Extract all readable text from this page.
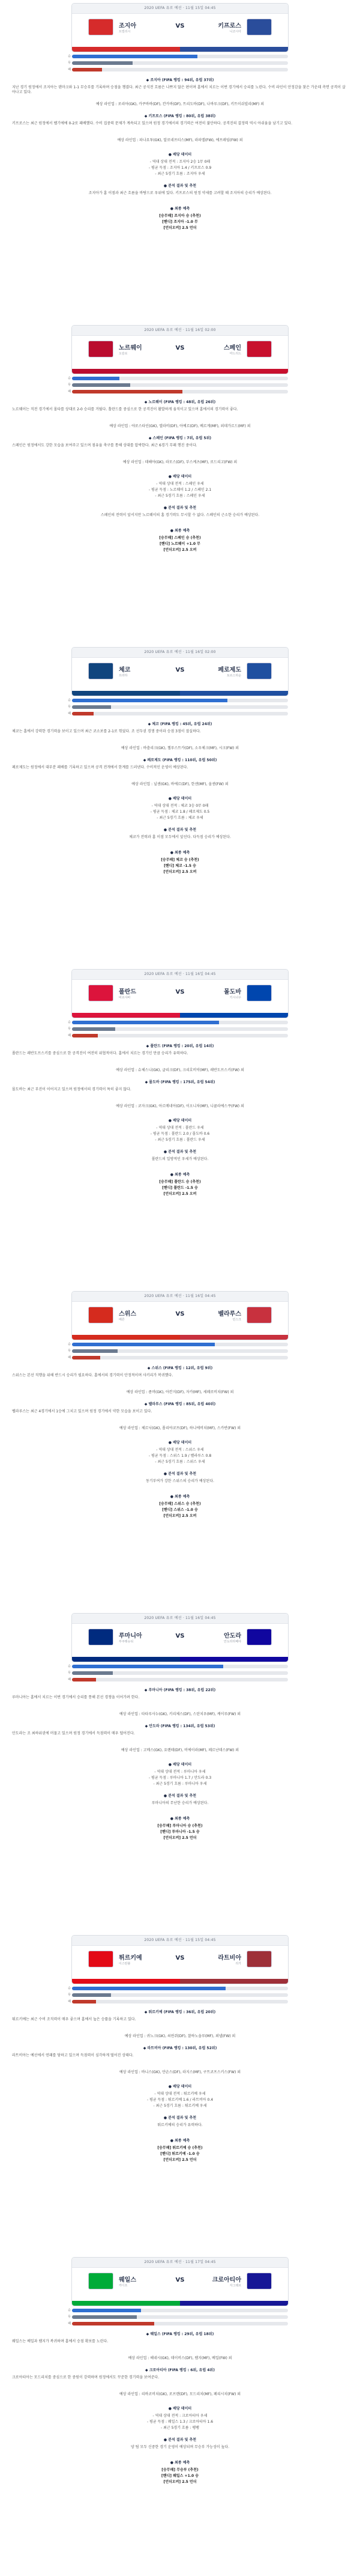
2020 UEFA 유로 예선 · 11월 15일 04:45
조지아
트빌리시
키프로스
니코시아
VS
승
무
패
◆ 조지아 (FIFA 랭킹 : 94위, 유럽 37위)
지난 경기 원정에서 조지아는 덴마크와 1-1 무승부를 기록하며 승점을 챙겼다. 최근 공식전 흐름은 나쁘지 않은 편이며 홈에서 치르는 이번 경기에서 승리를 노린다. 수비 라인이 안정감을 찾은 가운데 측면 공격이 살아나고 있다.
예상 라인업 : 로리아(GK), 카쿠바바(DF), 칸카바(DF), 트리도바(DF), 나바루크(DF), 키트이쉬빌리(MF) 외
◆ 키프로스 (FIFA 랭킹 : 80위, 유럽 38위)
키프로스는 최근 원정에서 벨기에에 0-2로 패배했다. 수비 집중력 문제가 계속되고 있으며 원정 경기에서의 경기력은 여전히 불안하다. 공격진의 결정력 역시 아쉬움을 남기고 있다.
예상 라인업 : 파나요투(GK), 알로네프티스(MF), 라파엘(FW), 에프레임(FW) 외
● 배당 데이터
- 역대 상대 전적 : 조지아 2승 1무 0패
- 평균 득점 : 조지아 1.4 / 키프로스 0.9
- 최근 5경기 흐름 : 조지아 우세
● 분석 결과 및 추천
조지아가 홈 이점과 최근 흐름을 바탕으로 우위에 있다. 키프로스의 원정 약세를 고려할 때 조지아의 승리가 예상된다.
● 최종 예측
[승무패] 조지아 승 (추천)
[핸디] 조지아 -1.0 무
[언더오버] 2.5 언더
2020 UEFA 유로 예선 · 11월 16일 02:00
노르웨이
오슬로
스페인
마드리드
VS
승
무
패
◆ 노르웨이 (FIFA 랭킹 : 48위, 유럽 26위)
노르웨이는 직전 경기에서 몰타를 상대로 2-0 승리를 거뒀다. 홀란드를 중심으로 한 공격진이 활발하게 움직이고 있으며 홈에서의 경기력이 좋다.
예상 라인업 : 야로스타인(GK), 엘라비(DF), 아예르(DF), 베르게(MF), 외데가르드(MF) 외
◆ 스페인 (FIFA 랭킹 : 7위, 유럽 5위)
스페인은 원정에서도 강한 모습을 보여주고 있으며 점유율 축구를 통해 상대를 압박한다. 최근 6경기 무패 행진 중이다.
예상 라인업 : 데헤아(GK), 라모스(DF), 부스케츠(MF), 로드리고(FW) 외
● 배당 데이터
- 역대 상대 전적 : 스페인 우세
- 평균 득점 : 노르웨이 1.2 / 스페인 2.1
- 최근 5경기 흐름 : 스페인 우세
● 분석 결과 및 추천
스페인의 전력이 앞서지만 노르웨이의 홈 경기력도 무시할 수 없다. 스페인의 근소한 승리가 예상된다.
● 최종 예측
[승무패] 스페인 승 (추천)
[핸디] 노르웨이 +1.0 무
[언더오버] 2.5 오버
2020 UEFA 유로 예선 · 11월 16일 02:00
체코
프라하
페로제도
토르스하운
VS
승
무
패
◆ 체코 (FIFA 랭킹 : 45위, 유럽 24위)
체코는 홈에서 강력한 경기력을 보이고 있으며 최근 코소보를 2-1로 꺾었다. 조 선두권 경쟁 중이라 승점 3점이 절실하다.
예상 라인업 : 바츨리크(GK), 첼루스트카(DF), 소우체크(MF), 시크(FW) 외
◆ 페로제도 (FIFA 랭킹 : 110위, 유럽 50위)
페로제도는 원정에서 대부분 패배를 기록하고 있으며 공격 전개에서 한계를 드러낸다. 수비적인 운영이 예상된다.
예상 라인업 : 닐센(GK), 바에르(DF), 한센(MF), 올센(FW) 외
● 배당 데이터
- 역대 상대 전적 : 체코 3승 0무 0패
- 평균 득점 : 체코 1.8 / 페로제도 0.5
- 최근 5경기 흐름 : 체코 우세
● 분석 결과 및 추천
체코가 전력과 홈 이점 모두에서 앞선다. 다득점 승리가 예상된다.
● 최종 예측
[승무패] 체코 승 (추천)
[핸디] 체코 -1.5 승
[언더오버] 2.5 오버
2020 UEFA 유로 예선 · 11월 16일 04:45
폴란드
바르샤바
몰도바
키시너우
VS
승
무
패
◆ 폴란드 (FIFA 랭킹 : 20위, 유럽 14위)
폴란드는 레반도프스키를 중심으로 한 공격진이 여전히 위협적이다. 홈에서 치르는 경기인 만큼 승리가 유력하다.
예상 라인업 : 슈체스니(GK), 글리크(DF), 크리호비악(MF), 레반도프스키(FW) 외
◆ 몰도바 (FIFA 랭킹 : 175위, 유럽 54위)
몰도바는 최근 부진이 이어지고 있으며 원정에서의 경기력이 특히 좋지 않다.
예상 라인업 : 코자크(GK), 아르메네아(DF), 이오니차(MF), 니쿨라에스쿠(FW) 외
● 배당 데이터
- 역대 상대 전적 : 폴란드 우세
- 평균 득점 : 폴란드 2.0 / 몰도바 0.6
- 최근 5경기 흐름 : 폴란드 우세
● 분석 결과 및 추천
폴란드의 일방적인 우세가 예상된다.
● 최종 예측
[승무패] 폴란드 승 (추천)
[핸디] 폴란드 -1.5 승
[언더오버] 2.5 오버
2020 UEFA 유로 예선 · 11월 16일 04:45
스위스
베른
벨라루스
민스크
VS
승
무
패
◆ 스위스 (FIFA 랭킹 : 12위, 유럽 9위)
스위스는 본선 직행을 위해 반드시 승리가 필요하다. 홈에서의 경기력이 안정적이며 샤키리가 복귀했다.
예상 라인업 : 좀머(GK), 아칸지(DF), 자카(MF), 세페로비치(FW) 외
◆ 벨라루스 (FIFA 랭킹 : 85위, 유럽 40위)
벨라루스는 최근 4경기에서 1승에 그치고 있으며 원정 경기에서 약한 모습을 보이고 있다.
예상 라인업 : 체르닉(GK), 폴리야코프(DF), 하니에비치(MF), 스카반(FW) 외
● 배당 데이터
- 역대 상대 전적 : 스위스 우세
- 평균 득점 : 스위스 1.9 / 벨라루스 0.8
- 최근 5경기 흐름 : 스위스 우세
● 분석 결과 및 추천
동기부여가 강한 스위스의 승리가 예상된다.
● 최종 예측
[승무패] 스위스 승 (추천)
[핸디] 스위스 -1.0 승
[언더오버] 2.5 오버
2020 UEFA 유로 예선 · 11월 16일 04:45
루마니아
부쿠레슈티
안도라
안도라라베야
VS
승
무
패
◆ 루마니아 (FIFA 랭킹 : 38위, 유럽 22위)
루마니아는 홈에서 치르는 이번 경기에서 승리를 통해 본선 경쟁을 이어가려 한다.
예상 라인업 : 타타루사누(GK), 키리체스(DF), 스탄치우(MF), 케이루(FW) 외
◆ 안도라 (FIFA 랭킹 : 134위, 유럽 53위)
안도라는 조 최하위권에 머물고 있으며 원정 경기에서 득점력이 매우 떨어진다.
예상 라인업 : 고메스(GK), 요렌테(DF), 비에이라(MF), 페르난데스(FW) 외
● 배당 데이터
- 역대 상대 전적 : 루마니아 우세
- 평균 득점 : 루마니아 1.7 / 안도라 0.3
- 최근 5경기 흐름 : 루마니아 우세
● 분석 결과 및 추천
루마니아의 무난한 승리가 예상된다.
● 최종 예측
[승무패] 루마니아 승 (추천)
[핸디] 루마니아 -1.5 승
[언더오버] 2.5 언더
2020 UEFA 유로 예선 · 11월 15일 04:45
튀르키예
이스탄불
라트비아
리가
VS
승
무
패
◆ 튀르키예 (FIFA 랭킹 : 36위, 유럽 20위)
튀르키예는 최근 수비 조직력이 매우 좋으며 홈에서 높은 승률을 기록하고 있다.
예상 라인업 : 귀노크(GK), 쇠윈쥐(DF), 찰하노을루(MF), 외넬(FW) 외
◆ 라트비아 (FIFA 랭킹 : 130위, 유럽 52위)
라트비아는 예선에서 연패를 당하고 있으며 득점력이 심각하게 떨어진 상태다.
예상 라인업 : 바니스(GK), 얀손스(DF), 라지스(MF), 구트코프스키스(FW) 외
● 배당 데이터
- 역대 상대 전적 : 튀르키예 우세
- 평균 득점 : 튀르키예 1.6 / 라트비아 0.4
- 최근 5경기 흐름 : 튀르키예 우세
● 분석 결과 및 추천
튀르키예의 승리가 유력하다.
● 최종 예측
[승무패] 튀르키예 승 (추천)
[핸디] 튀르키예 -1.0 승
[언더오버] 2.5 언더
2020 UEFA 유로 예선 · 11월 17일 04:45
웨일스
카디프
크로아티아
자그레브
VS
승
무
패
◆ 웨일스 (FIFA 랭킹 : 29위, 유럽 18위)
웨일스는 베일과 램지가 복귀하며 홈에서 승점 확보를 노린다.
예상 라인업 : 헤네시(GK), 데이비스(DF), 램지(MF), 베일(FW) 외
◆ 크로아티아 (FIFA 랭킹 : 6위, 유럽 4위)
크로아티아는 모드리치를 중심으로 한 중원이 강력하며 원정에서도 꾸준한 경기력을 보여준다.
예상 라인업 : 리바코비치(GK), 로브렌(DF), 모드리치(MF), 페리시치(FW) 외
● 배당 데이터
- 역대 상대 전적 : 크로아티아 우세
- 평균 득점 : 웨일스 1.3 / 크로아티아 1.6
- 최근 5경기 흐름 : 팽팽
● 분석 결과 및 추천
양 팀 모두 신중한 경기 운영이 예상되며 무승부 가능성이 높다.
● 최종 예측
[승무패] 무승부 (추천)
[핸디] 웨일스 +1.0 승
[언더오버] 2.5 언더
